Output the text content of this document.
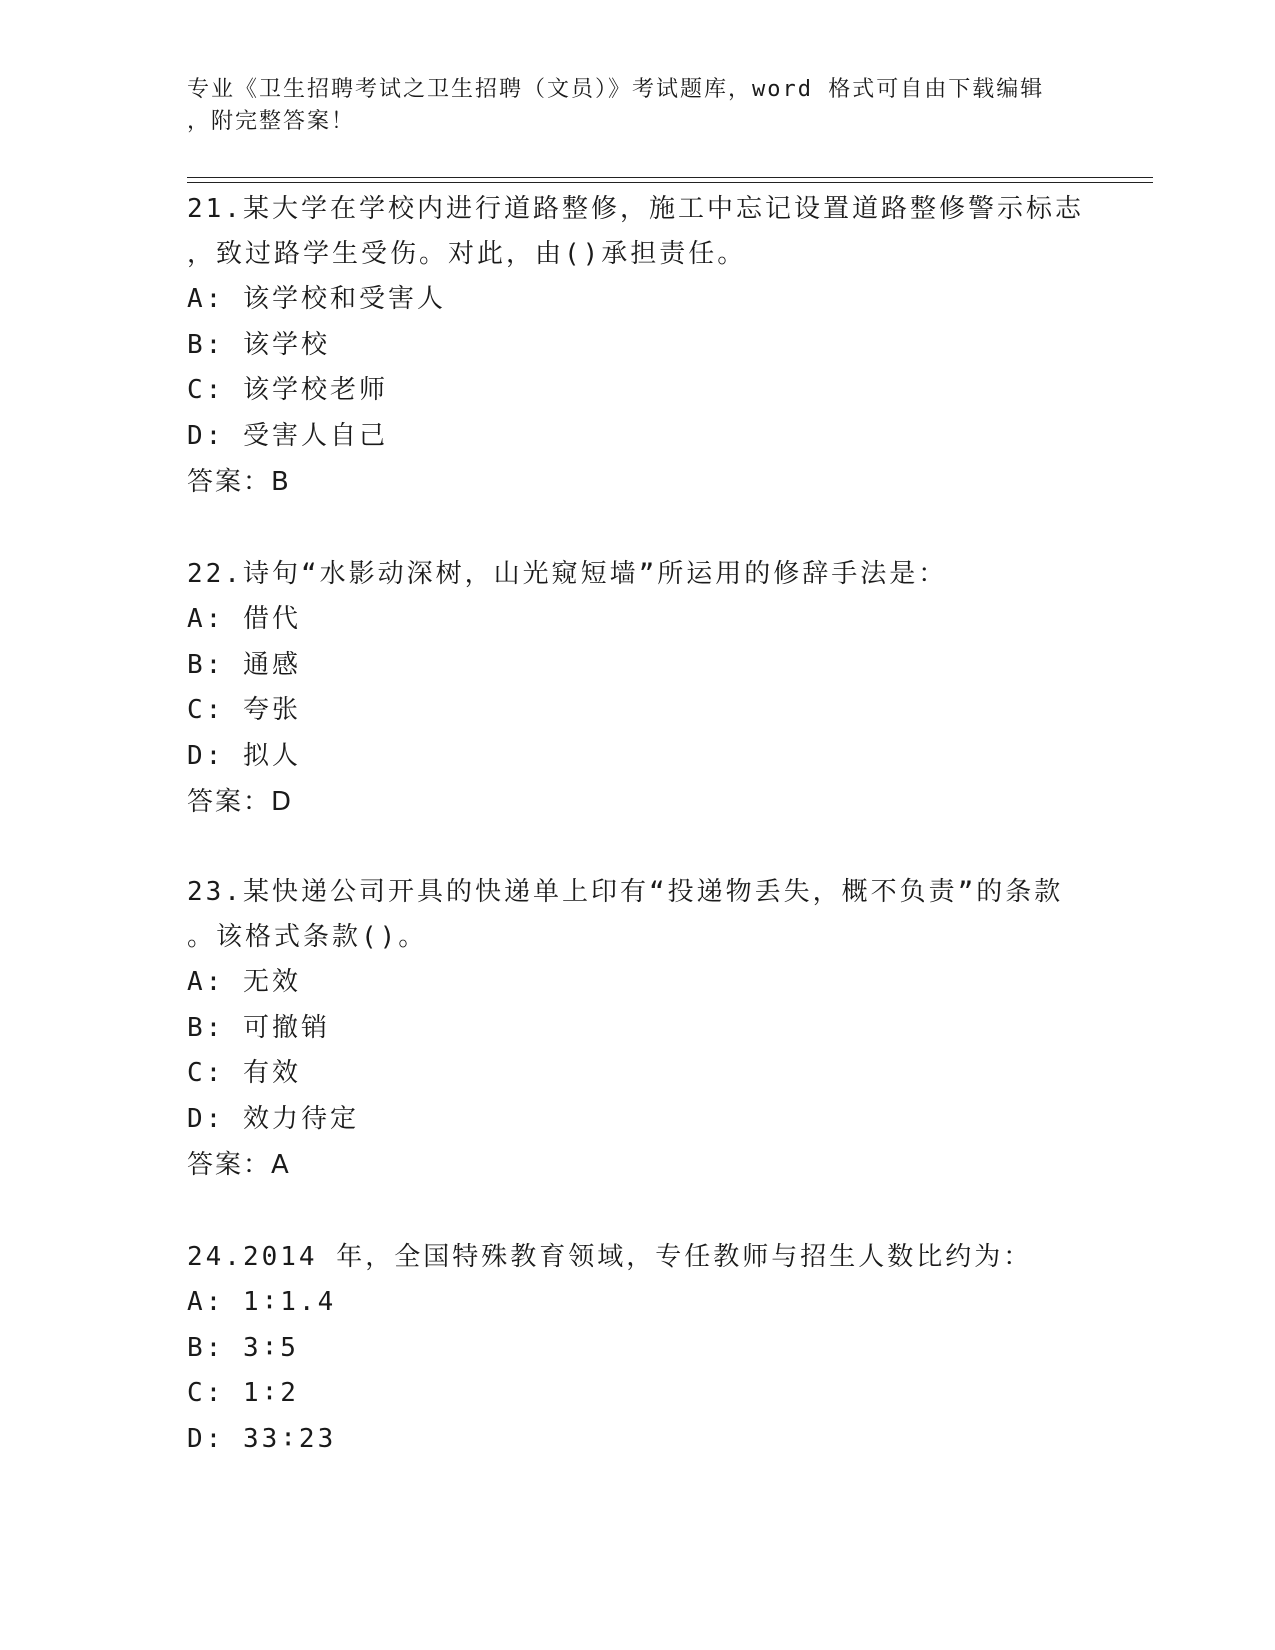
专业《卫生招聘考试之卫生招聘（文员）》考试题库，word 格式可自由下载编辑
，附完整答案！
21.某大学在学校内进行道路整修，施工中忘记设置道路整修警示标志
，致过路学生受伤。对此，由()承担责任。
A: 该学校和受害人
B: 该学校
C: 该学校老师
D: 受害人自己
答案：B
22.诗句“水影动深树，山光窥短墙”所运用的修辞手法是：
A: 借代
B: 通感
C: 夸张
D: 拟人
答案：D
23.某快递公司开具的快递单上印有“投递物丢失，概不负责”的条款
。该格式条款()。
A: 无效
B: 可撤销
C: 有效
D: 效力待定
答案：A
24.2014 年，全国特殊教育领域，专任教师与招生人数比约为：
A: 1∶1.4
B: 3∶5
C: 1∶2
D: 33∶23
